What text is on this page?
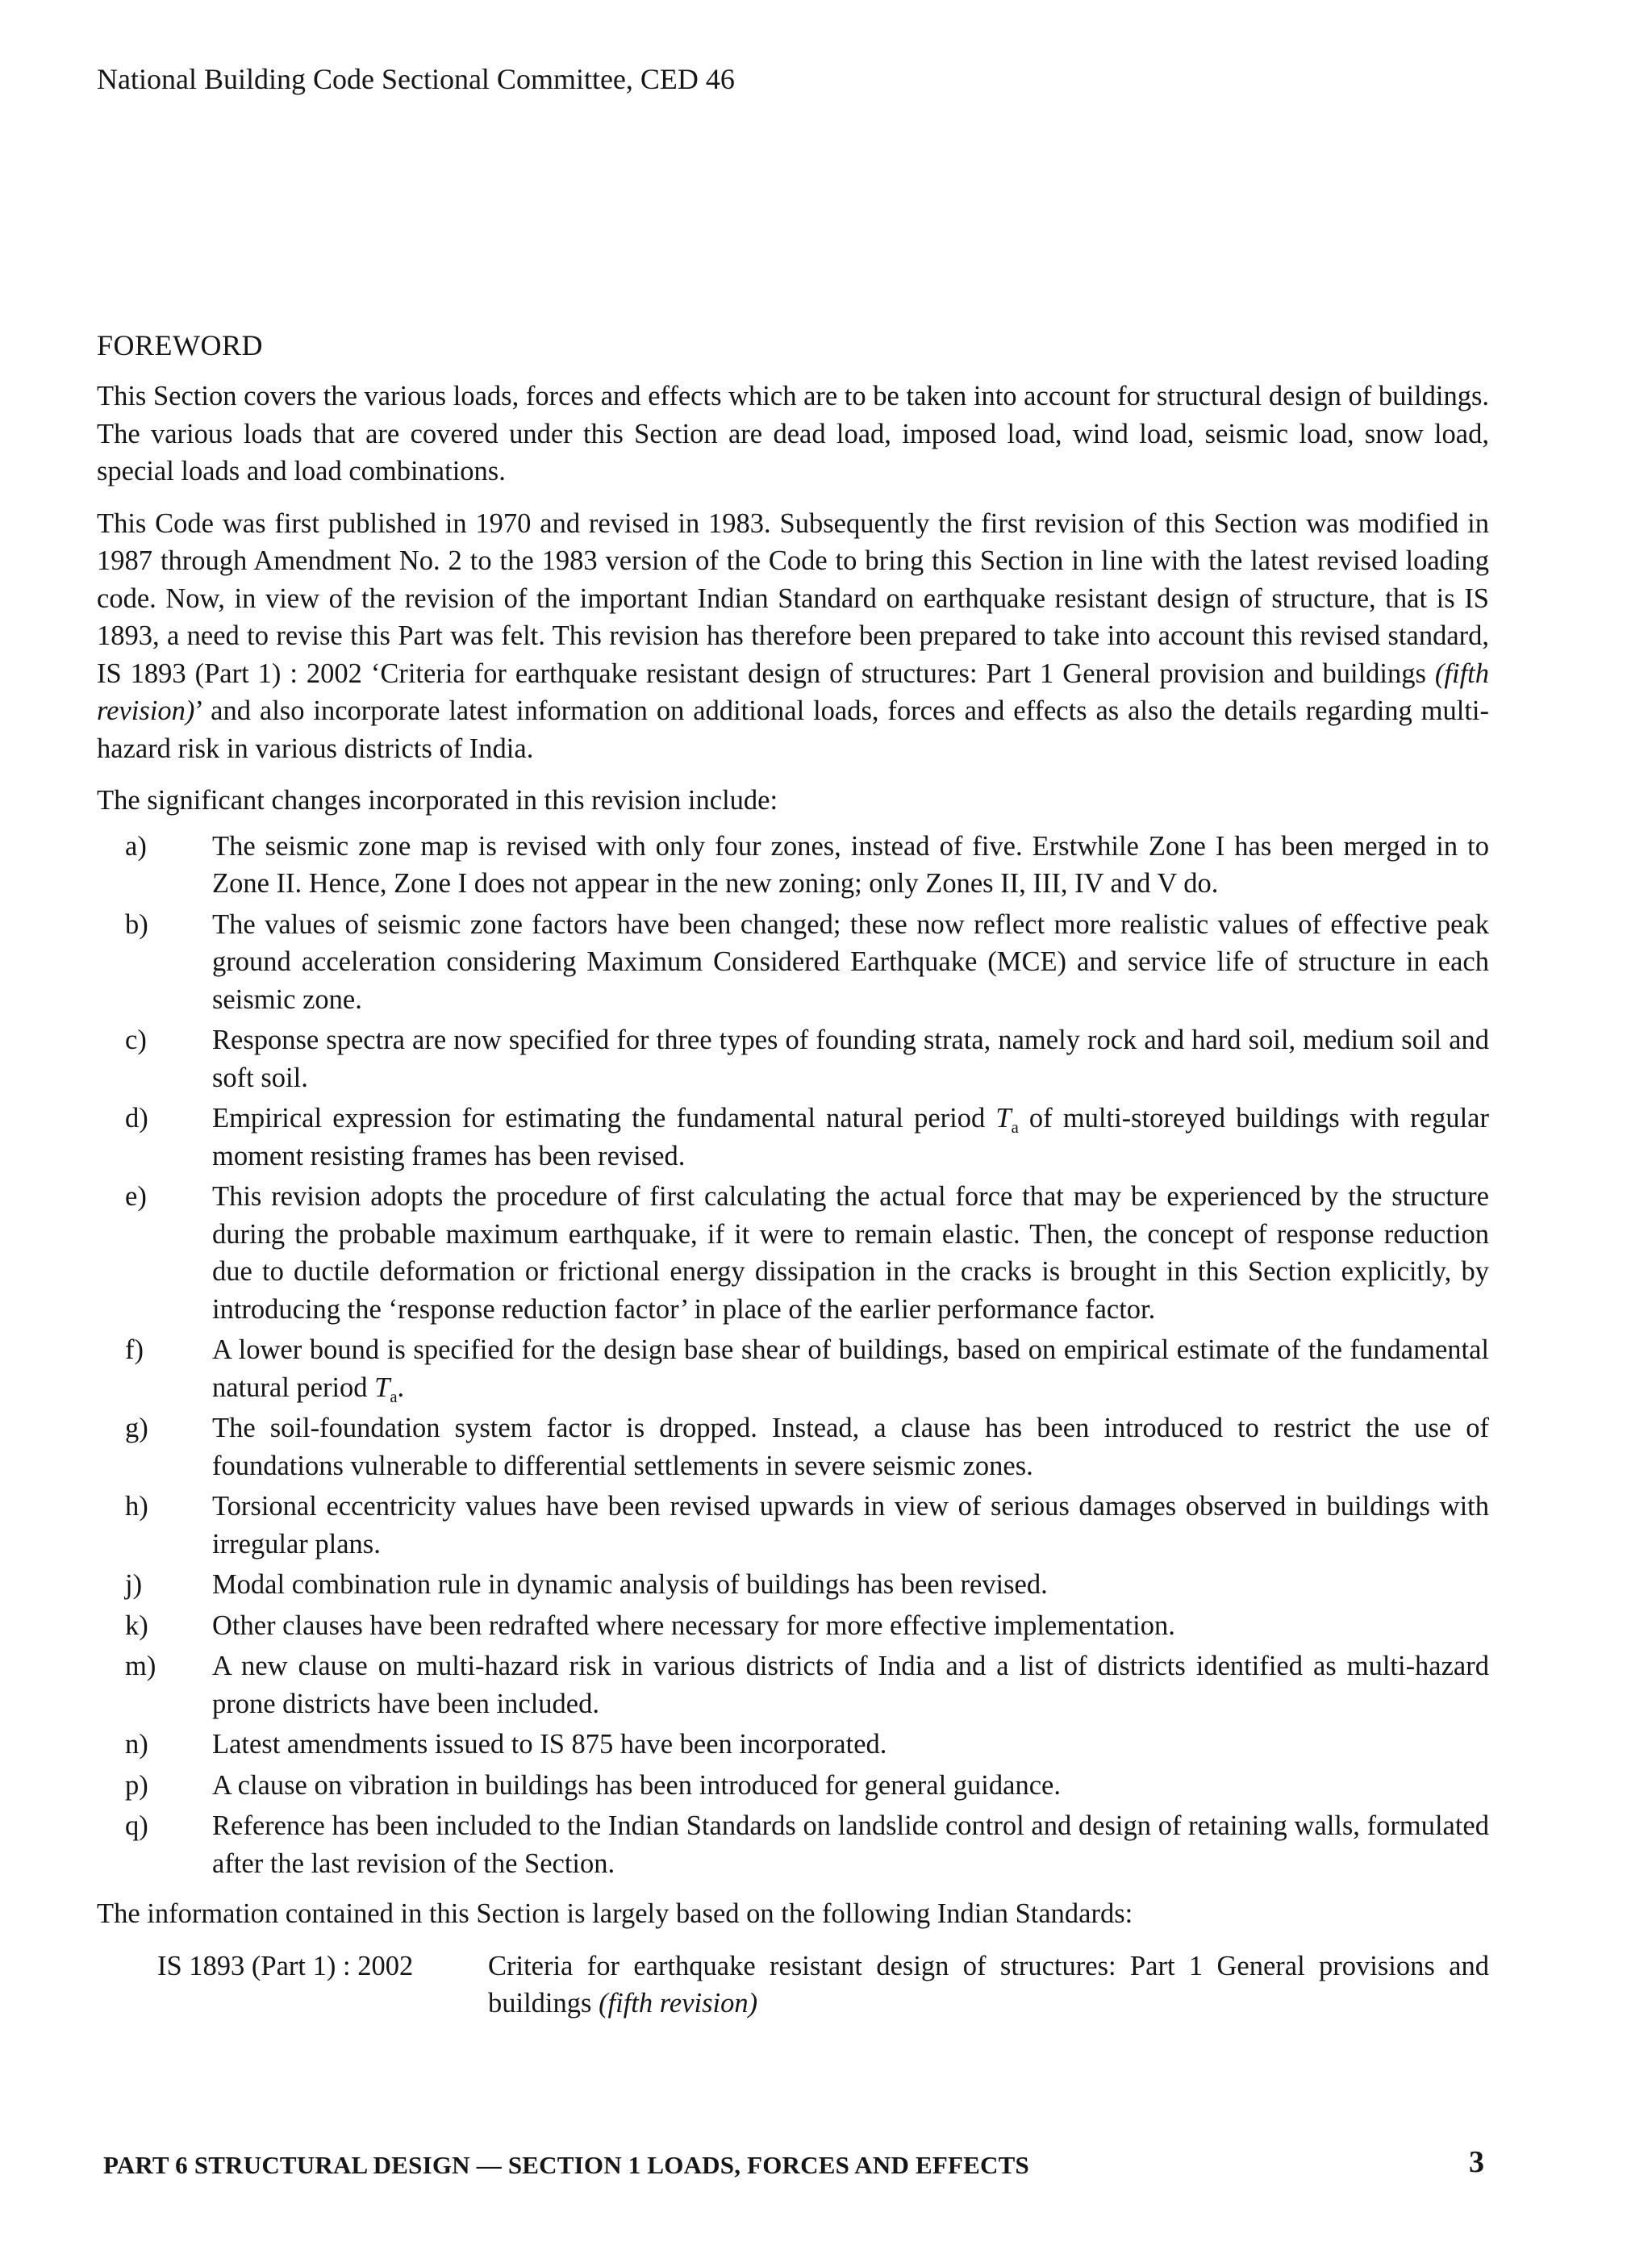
National Building Code Sectional Committee, CED 46
FOREWORD

This Section covers the various loads, forces and effects which are to be taken into account for structural design of buildings. The various loads that are covered under this Section are dead load, imposed load, wind load, seismic load, snow load, special loads and load combinations.

This Code was first published in 1970 and revised in 1983. Subsequently the first revision of this Section was modified in 1987 through Amendment No. 2 to the 1983 version of the Code to bring this Section in line with the latest revised loading code. Now, in view of the revision of the important Indian Standard on earthquake resistant design of structure, that is IS 1893, a need to revise this Part was felt. This revision has therefore been prepared to take into account this revised standard, IS 1893 (Part 1) : 2002 ‘Criteria for earthquake resistant design of structures: Part 1 General provision and buildings (fifth revision)’ and also incorporate latest information on additional loads, forces and effects as also the details regarding multi-hazard risk in various districts of India.

The significant changes incorporated in this revision include:

a)	The seismic zone map is revised with only four zones, instead of five. Erstwhile Zone I has been merged in to Zone II. Hence, Zone I does not appear in the new zoning; only Zones II, III, IV and V do.
b)	The values of seismic zone factors have been changed; these now reflect more realistic values of effective peak ground acceleration considering Maximum Considered Earthquake (MCE) and service life of structure in each seismic zone.
c)	Response spectra are now specified for three types of founding strata, namely rock and hard soil, medium soil and soft soil.
d)	Empirical expression for estimating the fundamental natural period $T_a$ of multi-storeyed buildings with regular moment resisting frames has been revised.
e)	This revision adopts the procedure of first calculating the actual force that may be experienced by the structure during the probable maximum earthquake, if it were to remain elastic. Then, the concept of response reduction due to ductile deformation or frictional energy dissipation in the cracks is brought in this Section explicitly, by introducing the ‘response reduction factor’ in place of the earlier performance factor.
f)	A lower bound is specified for the design base shear of buildings, based on empirical estimate of the fundamental natural period $T_a$.
g)	The soil-foundation system factor is dropped. Instead, a clause has been introduced to restrict the use of foundations vulnerable to differential settlements in severe seismic zones.
h)	Torsional eccentricity values have been revised upwards in view of serious damages observed in buildings with irregular plans.
j)	Modal combination rule in dynamic analysis of buildings has been revised.
k)	Other clauses have been redrafted where necessary for more effective implementation.
m)	A new clause on multi-hazard risk in various districts of India and a list of districts identified as multi-hazard prone districts have been included.
n)	Latest amendments issued to IS 875 have been incorporated.
p)	A clause on vibration in buildings has been introduced for general guidance.
q)	Reference has been included to the Indian Standards on landslide control and design of retaining walls, formulated after the last revision of the Section.

The information contained in this Section is largely based on the following Indian Standards:

IS 1893 (Part 1) : 2002	Criteria for earthquake resistant design of structures: Part 1 General provisions and buildings (fifth revision)
PART 6 STRUCTURAL DESIGN — SECTION 1 LOADS, FORCES AND EFFECTS	3
